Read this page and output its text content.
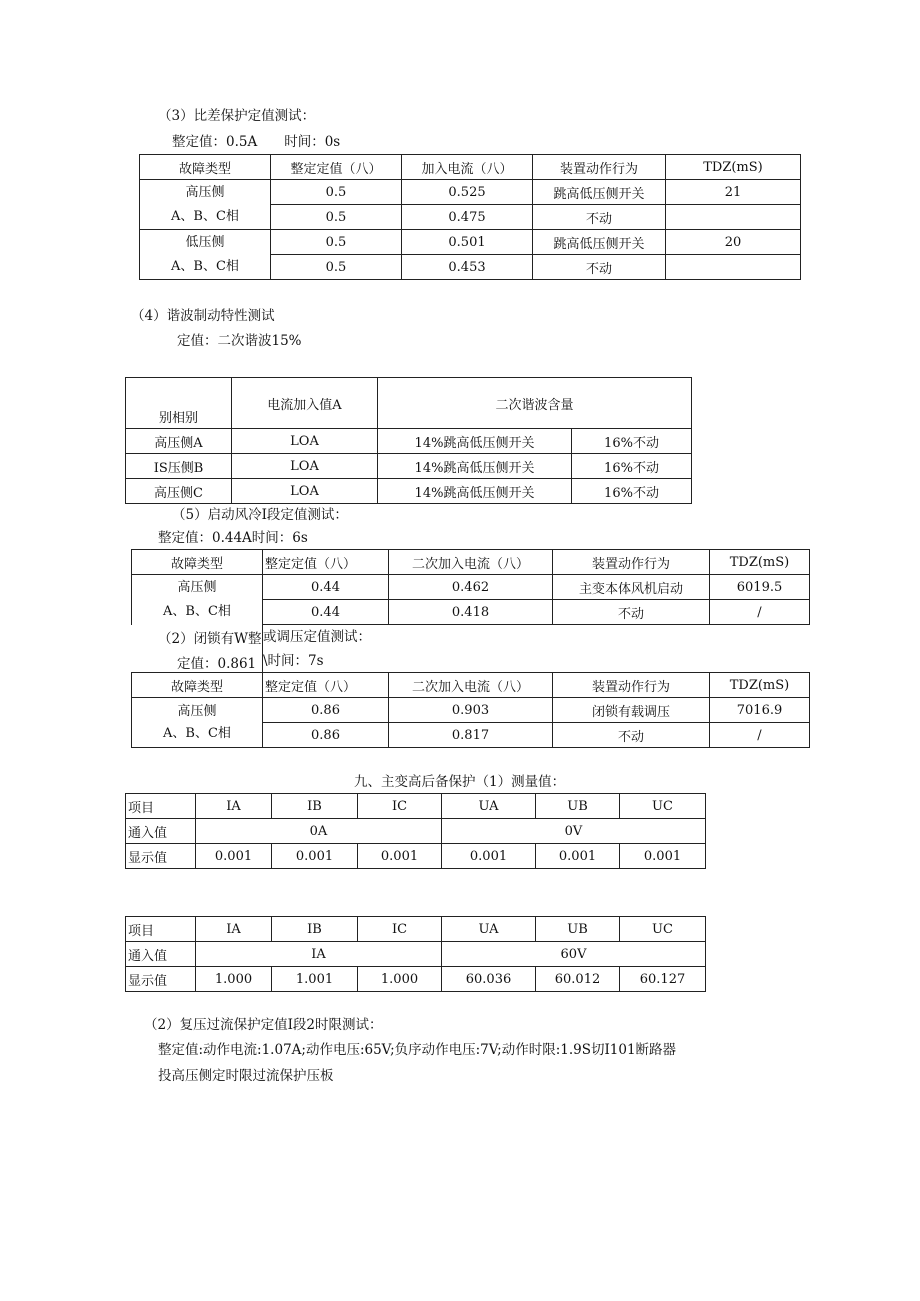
（3）比差保护定值测试：
整定值：0.5A　　时间：0s
故障类型	整定定值（八）	加入电流（八）	装置动作行为	TDZ(mS)

高压侧
A、B、C相	0.5	0.525	跳高低压侧开关	21
	0.5	0.475	不动	

低压侧
A、B、C相	0.5	0.501	跳高低压侧开关	20
	0.5	0.453	不动	
（4）谐波制动特性测试
定值：二次谐波15%
别相别	电流加入值A	二次谐波含量	
高压侧A	LOA	14%跳高低压侧开关	16%不动
IS压侧B	LOA	14%跳高低压侧开关	16%不动
高压侧C	LOA	14%跳高低压侧开关	16%不动
（5）启动风冷I段定值测试：
整定值：0.44A时间：6s
故障类型	整定定值（八）	二次加入电流（八）	装置动作行为	TDZ(mS)

高压侧
A、B、C相	0.44	0.462	主变本体风机启动	6019.5
	0.44	0.418	不动	/
（2）闭锁有W整 或调压定值测试：
定值：0.861 \时间：7s
故障类型	整定定值（八）	二次加入电流（八）	装置动作行为	TDZ(mS)

高压侧
A、B、C相	0.86	0.903	闭锁有载调压	7016.9
	0.86	0.817	不动	/
九、主变高后备保护（1）测量值：
项目	IA	IB	IC	UA	UB	UC
通入值	0A			0V		
显示值	0.001	0.001	0.001	0.001	0.001	0.001
项目	IA	IB	IC	UA	UB	UC
通入值	IA			60V		
显示值	1.000	1.001	1.000	60.036	60.012	60.127
（2）复压过流保护定值I段2时限测试：
整定值:动作电流:1.07A;动作电压:65V;负序动作电压:7V;动作时限:1.9S切I101断路器
投高压侧定时限过流保护压板
